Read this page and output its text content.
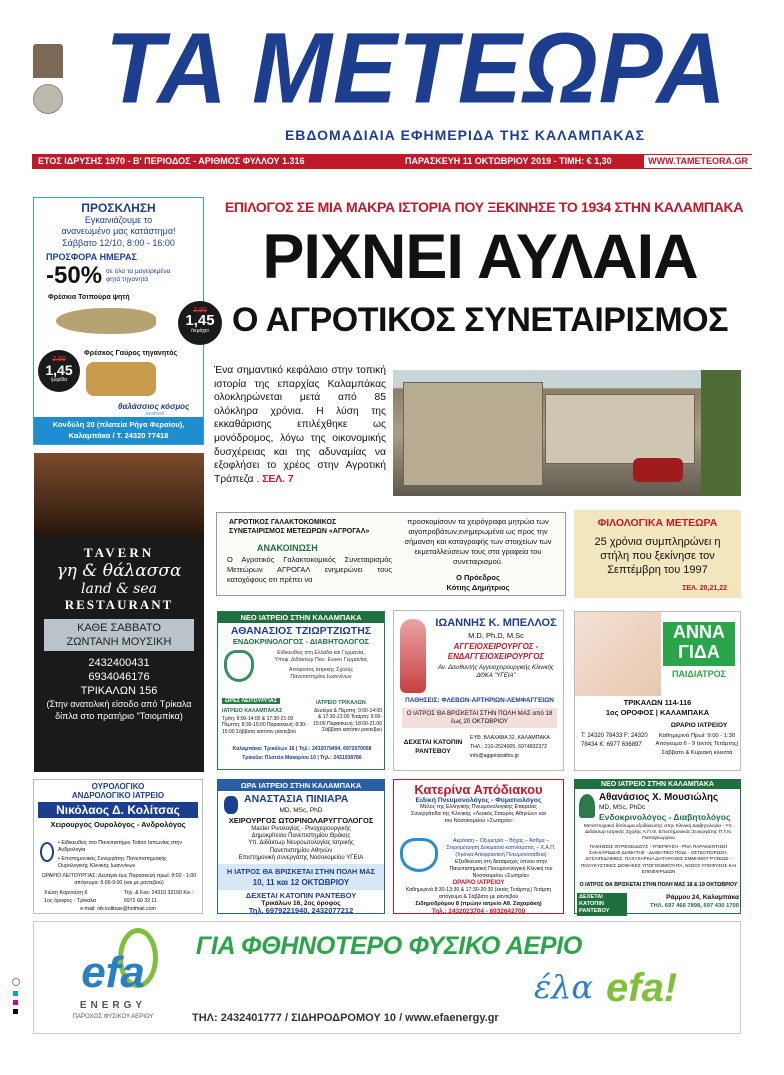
ΤΑ ΜΕΤΕΩΡΑ
ΕΒΔΟΜΑΔΙΑΙΑ ΕΦΗΜΕΡΙΔΑ ΤΗΣ ΚΑΛΑΜΠΑΚΑΣ
ΕΤΟΣ ΙΔΡΥΣΗΣ 1970 - Β' ΠΕΡΙΟΔΟΣ - ΑΡΙΘΜΟΣ ΦΥΛΛΟΥ 1.316	ΠΑΡΑΣΚΕΥΗ 11 ΟΚΤΩΒΡΙΟΥ 2019 - ΤΙΜΗ: € 1,30	WWW.TAMETEORA.GR
ΠΡΟΣΚΛΗΣΗ
Εγκαινιάζουμε το
ανανεωμένο μας κατάστημα!
Σάββατο 12/10, 8:00 - 16:00
ΠΡΟΣΦΟΡΑ ΗΜΕΡΑΣ
-50% σε όλα τα μαγειρεμένα φητά τηγανητά
Φρέσκια Τσιπούρα ψητή
2,90
1,45
/τεμάχιο
2,90
1,45
/μερίδα
Φρέσκος Γαύρος τηγανητός
θαλάσσιος κόσμος
seafood
Κονδύλη 20 (πλατεία Ρήγα Φεραίου),
Καλαμπάκα / Τ. 24320 77418
TAVERN
γη & θάλασσα
land & sea
RESTAURANT
ΚΑΘΕ ΣΑΒΒΑΤΟ
ΖΩΝΤΑΝΗ ΜΟΥΣΙΚΗ
2432400431
6934046176
ΤΡΙΚΑΛΩΝ 156
(Στην ανατολική είσοδο από Τρίκαλα δίπλα στο πρατήριο "Τσιομπίκα)
ΕΠΙΛΟΓΟΣ ΣΕ ΜΙΑ ΜΑΚΡΑ ΙΣΤΟΡΙΑ ΠΟΥ ΞΕΚΙΝΗΣΕ ΤΟ 1934 ΣΤΗΝ ΚΑΛΑΜΠΑΚΑ
ΡΙΧΝΕΙ ΑΥΛΑΙΑ
Ο ΑΓΡΟΤΙΚΟΣ ΣΥΝΕΤΑΙΡΙΣΜΟΣ
Ένα σημαντικό κεφάλαιο στην τοπική ιστορία της επαρχίας Καλαμπάκας ολοκληρώνεται μετά από 85 ολόκληρα χρόνια. Η λύση της εκκαθάρισης επιλέχθηκε ως μονόδρομος, λόγω της οικονομικής δυσχέρειας και της αδυναμίας να εξοφλήσει το χρέος στην Αγροτική Τράπεζα . ΣΕΛ. 7
ΑΓΡΟΤΙΚΟΣ ΓΑΛΑΚΤΟΚΟΜΙΚΟΣ
ΣΥΝΕΤΑΙΡΙΣΜΟΣ ΜΕΤΕΩΡΩΝ «ΑΓΡΟΓΑΛ»
ΑΝΑΚΟΙΝΩΣΗ
Ο Αγροτικός Γαλακτοκομικός Συνεταιρισμός Μετεώρων ΑΓΡΟΓΑΛ ενημερώνει τους κατοχόφους οτι πρέπει να
προσκομίσουν τα χειρόγραφα μητρώα των αιγοπροβάτων,ενημερωμένα ως προς την σήμανση και καταγραφής των στοιχείων των εκμεταλλεύσεων τους στα γραφεία του συνεταιρισμού.
Ο Πρόεδρος
Κότιης Δημήτριος
ΦΙΛΟΛΟΓΙΚΑ ΜΕΤΕΩΡΑ
25 χρόνια συμπληρώνει η στήλη που ξεκίνησε τον Σεπτέμβρη του 1997
ΣΕΛ. 20,21,22
ΝΕΟ ΙΑΤΡΕΙΟ ΣΤΗΝ ΚΑΛΑΜΠΑΚΑ
ΑΘΑΝΑΣΙΟΣ ΤΖΙΩΡΤΖΙΩΤΗΣ
ΕΝΔΟΚΡΙΝΟΛΟΓΟΣ - ΔΙΑΒΗΤΟΛΟΓΟΣ
Ειδικευθείς στη Ελλάδα και Γερμανία,
Υποψ. Διδάκτωρ Παν. Essen Γερμανίας
Απόφοιτος Ιατρικής Σχολής
Πανεπιστημίου Ιωαννίνων
ΩΡΕΣ ΛΕΙΤΟΥΡΓΙΑΣ
ΙΑΤΡΕΙΟ ΚΑΛΑΜΠΑΚΑΣ
ΙΑΤΡΕΙΟ ΤΡΙΚΑΛΩΝ
Τρίτη: 9:00-14:00 & 17:30-21:00 Πέμπτη: 8:30-15:00 Παρασκευή: 8:30-15:00 Σάββατο κατόπιν ραντεβού
Δευτέρα & Πέμπτη: 9:00-14:00 & 17:30-21:00 Τετάρτη: 9:00-15:00 Παρασκευή: 18:00-21:00 Σάββατο κατόπιν ραντεβού
Καλαμπάκα: Τρικάλων 16 | Τηλ.: 2432079494, 6972070058
Τρίκαλα: Πλατεία Μακαρίου 10 | Τηλ.: 2431038786
ΙΩΑΝΝΗΣ Κ. ΜΠΕΛΛΟΣ
M.D, Ph.D, M.Sc
ΑΓΓΕΙΟΧΕΙΡΟΥΡΓΟΣ -
ΕΝΔΑΓΓΕΙΟΧΕΙΡΟΥΡΓΟΣ
Αν. Διευθυντής Αγγειοχειρουργικής Κλινικής ΔΘΚΑ "ΥΓΕΙΑ"
ΠΑΘΗΣΕΙΣ: ΦΛΕΒΩΝ-ΑΡΤΗΡΙΩΝ-ΛΕΜΦΑΓΓΕΙΩΝ
Ο ΙΑΤΡΟΣ ΘΑ ΒΡΙΣΚΕΤΑΙ ΣΤΗΝ ΠΟΛΗ ΜΑΣ από 18 έως 20 ΟΚΤΩΒΡΙΟΥ
ΔΕΧΕΤΑΙ ΚΑΤΟΠΙΝ
ΡΑΝΤΕΒΟΥ
ΕΥΘ. ΒΛΑΧΑΒΑ 32, ΚΑΛΑΜΠΑΚΑ
ΤΗΛ.: 210-2524005, 6974832372
info@aggeiopathis.gr
ΑΝΝΑ
ΓΙΔΑ
ΠΑΙΔΙΑΤΡΟΣ
ΤΡΙΚΑΛΩΝ 114-116
1ος ΟΡΟΦΟΣ | ΚΑΛΑΜΠΑΚΑ
ΩΡΑΡΙΟ ΙΑΤΡΕΙΟΥ
T: 24320 78433 F: 24320 78434 K: 6977 636897
Καθημερινά Πρωί: 9:00 - 1:30 Απόγευμα 6 - 9 (εκτός Τετάρτης) Σάββατο & Κυριακή κλειστά
ΟΥΡΟΛΟΓΙΚΟ
ΑΝΔΡΟΛΟΓΙΚΟ ΙΑΤΡΕΙΟ
Νικόλαος Δ. Κολίτσας
Χειρουργος Ουρολόγος - Ανδρολόγος
• Ειδικευθείς στο Πανεπιστήμιο Tottori Ιαπωνίας στην Ανδρολογία
• Επιστημονικός Συνεργάτης Πανεπιστημιακής Ουρολογικής Κλινικής Ιωαννίνων
ΩΡΑΡΙΟ ΛΕΙΤΟΥΡΓΙΑΣ: Δευτέρα έως Παρασκευή πρωί: 9:00 - 1:00 απόγευμα: 6:00-9:00 (και με ραντεβού)
Χιώτη Καρνούτη 6
1ος όροφος - Τρίκαλα
Τηλ. & Fax: 24310 32160 Κιν.: 6972 60 32 11
e-mail: nik.kolitsas@hotmail.com
ΩΡΑ ΙΑΤΡΕΙΟ ΣΤΗΝ ΚΑΛΑΜΠΑΚΑ
ΑΝΑΣΤΑΣΙΑ ΠΙΝΙΑΡΑ
MD, MSc, PhD
ΧΕΙΡΟΥΡΓΟΣ ΩΤΟΡΙΝΟΛΑΡΥΓΓΟΛΟΓΟΣ
Master Ρινολογίας - Ρινοχειρουργικής
Δημοκρίτειου Πανεπιστημίου Θράκης
Υπ. Διδάκτωρ Νευροωτολογίας Ιατρικής
Πανεπιστημίου Αθηνών
Επιστημονική συνεργάτης Νοσοκομείου ΥΓΕΙΑ
Η ΙΑΤΡΟΣ ΘΑ ΒΡΙΣΚΕΤΑΙ ΣΤΗΝ ΠΟΛΗ ΜΑΣ
10, 11 και 12 ΟΚΤΩΒΡΙΟΥ
ΔΕΧΕΤΑΙ ΚΑΤΟΠΙΝ ΡΑΝΤΕΒΟΥ
Τρικάλων 16, 2ος όροφος
Τηλ. 6979221940, 2432077212
Κατερίνα Απόδιακου
Ειδική Πνευμονολόγος - Φυματιολόγος
Μέλος της Ελληνικής Πνευμονολογικής Εταιρείας
Συνεργάτιδα της Κλινικής «Λευκός Σταυρός Αθηνών» και του Νοσοκομείου «Σωτηρία»
Ακρόαση – Οξυμετρία – Βήχας – Άσθμα – Σπιρομέτρηση Δοκιμασία καπνίσματος – Χ.Α.Π. (Χρόνια Αποφρακτική Πνευμονοπάθεια)
Εξειδίκευση στη διαταραχές ύπνου στην Πανεπιστημιακή Πνευμονολογική Κλινική του Νοσοκομείου «Σωτηρία»
ΩΡΑΡΙΟ ΙΑΤΡΕΙΟΥ
Καθημερινά 8:30-13:30 & 17:30-20:30 (εκτός Τετάρτης) Τετάρτη απόγευμα & Σάββατο με ραντεβού
Σιδηροδρόμου 8 (πρώην ιατρείο Αθ. Ζαχαράκη)
Τηλ.: 2432023704 - 6932642700
ΝΕΟ ΙΑΤΡΕΙΟ ΣΤΗΝ ΚΑΛΑΜΠΑΚΑ
Αθανάσιος Χ. Μουσιώλης
MD, MSc, PhDc
Ενδοκρινολόγος - Διαβητολόγος
Μεταπτυχιακό δίπλωμα εξειδίκευσης στην Κλινική Διαβητολογία - Υπ. Διδάκτωρ Ιατρικής Σχολής Α.Π.Θ. Επιστημονικός Συνεργάτης Π.Γ.Ν. Παπαγεωργίου
ΠΑΘΗΣΕΙΣ ΘΥΡΕΟΕΙΔΟΥΣ - ΥΠΕΡΦΥΣΗ - ΡΝΑ ΠΑΡΑΚΕΝΤΗΣΗ ΣΑΚΧΑΡΩΔΗΣ ΔΙΑΒΗΤΗΣ - ΔΙΑΒΗΤΙΚΟ ΠΟΔΙ - ΟΣΤΕΟΠΟΡΩΣΗ, ΔΥΣΛΙΠΙΔΑΙΜΙΕΣ, ΠΑΧΥΣΑΡΚΙΑ ΔΙΑΤΑΡΑΧΕΣ ΕΜΜΗΝΟΥ ΡΥΣΕΩΣ - ΠΟΛΥΚΥΣΤΙΚΕΣ ΩΟΘΗΚΕΣ ΥΠΟΓΟΝΙΜΟΤΗΤΑ, ΝΟΣΟΙ ΥΠΟΦΥΣΗΣ ΚΑΙ ΕΠΙΝΕΦΡΙΔΙΩΝ
Ο ΙΑΤΡΟΣ ΘΑ ΒΡΙΣΚΕΤΑΙ ΣΤΗΝ ΠΟΛΗ ΜΑΣ 18 & 19 ΟΚΤΩΒΡΙΟΥ
ΔΕΧΕΤΑΙ ΚΑΤΟΠΙΝ ΡΑΝΤΕΒΟΥ
Ράμμου 24, Καλαμπάκα
ΤΗΛ. 697 466 7898, 697 430 1700
efa
ENERGY
ΠΑΡΟΧΟΣ ΦΥΣΙΚΟΥ ΑΕΡΙΟΥ
ΓΙΑ ΦΘΗΝΟΤΕΡΟ ΦΥΣΙΚΟ ΑΕΡΙΟ
έλα efa!
ΤΗΛ: 2432401777 / ΣΙΔΗΡΟΔΡΟΜΟΥ 10 / www.efaenergy.gr
